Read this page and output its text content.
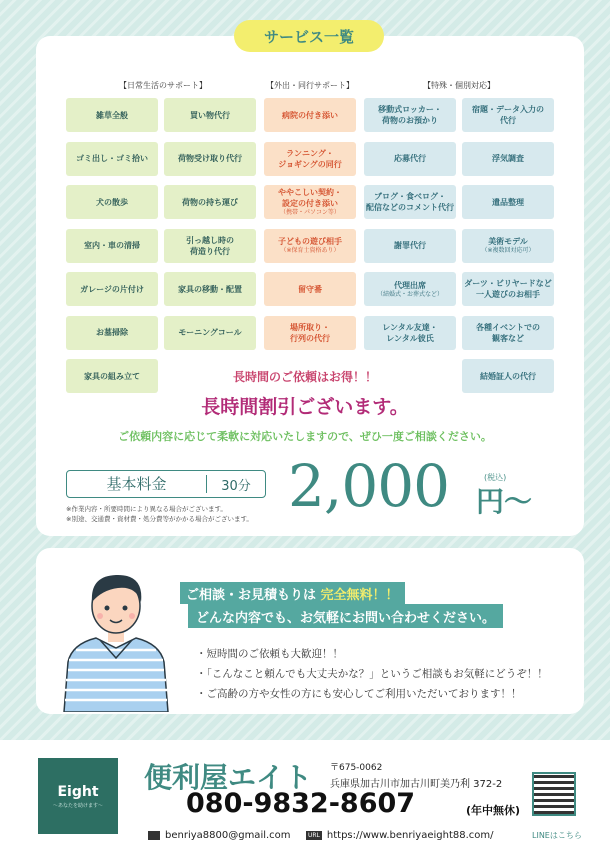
サービス一覧
【日常生活のサポート】	【外出・同行サポート】	【特殊・個別対応】
雑草全般
ゴミ出し・ゴミ拾い
犬の散歩
室内・車の清掃
ガレージの片付け
お墓掃除
家具の組み立て
買い物代行
荷物受け取り代行
荷物の持ち運び
引っ越し時の
荷造り代行
家具の移動・配置
モーニングコール
病院の付き添い
ランニング・
ジョギングの同行
ややこしい契約・
設定の付き添い
（携帯・パソコン等）
子どもの遊び相手
（※保育士資格あり）
留守番
場所取り・
行列の代行
移動式ロッカー・
荷物のお預かり
応募代行
ブログ・食べログ・
配信などのコメント代行
謝罪代行
代理出席
（結婚式・お葬式など）
レンタル友達・
レンタル彼氏
宿題・データ入力の
代行
浮気調査
遺品整理
美術モデル
（※複数回対応可）
ダーツ・ビリヤードなど
一人遊びのお相手
各種イベントでの
観客など
結婚証人の代行
長時間のご依頼はお得！！
長時間割引ございます。
ご依頼内容に応じて柔軟に対応いたしますので、ぜひ一度ご相談ください。
基本料金	30分
※作業内容・所要時間により異なる場合がございます。
※別途、交通費・資材費・処分費等がかかる場合がございます。 2,000	(税込)
円〜
ご相談・お見積もりは 完全無料！！
どんな内容でも、お気軽にお問い合わせください。
・短時間のご依頼も大歓迎！！
・「こんなこと頼んでも大丈夫かな？」というご相談もお気軽にどうぞ！！
・ご高齢の方や女性の方にも安心してご利用いただいております！！
Eight
〜あなたを助けます〜
便利屋エイト 〒675-0062
兵庫県加古川市加古川町美乃利 372-2
080-9832-8607	(年中無休)
benriya8800@gmail.com	URL https://www.benriyaeight88.com/	LINEはこちら
